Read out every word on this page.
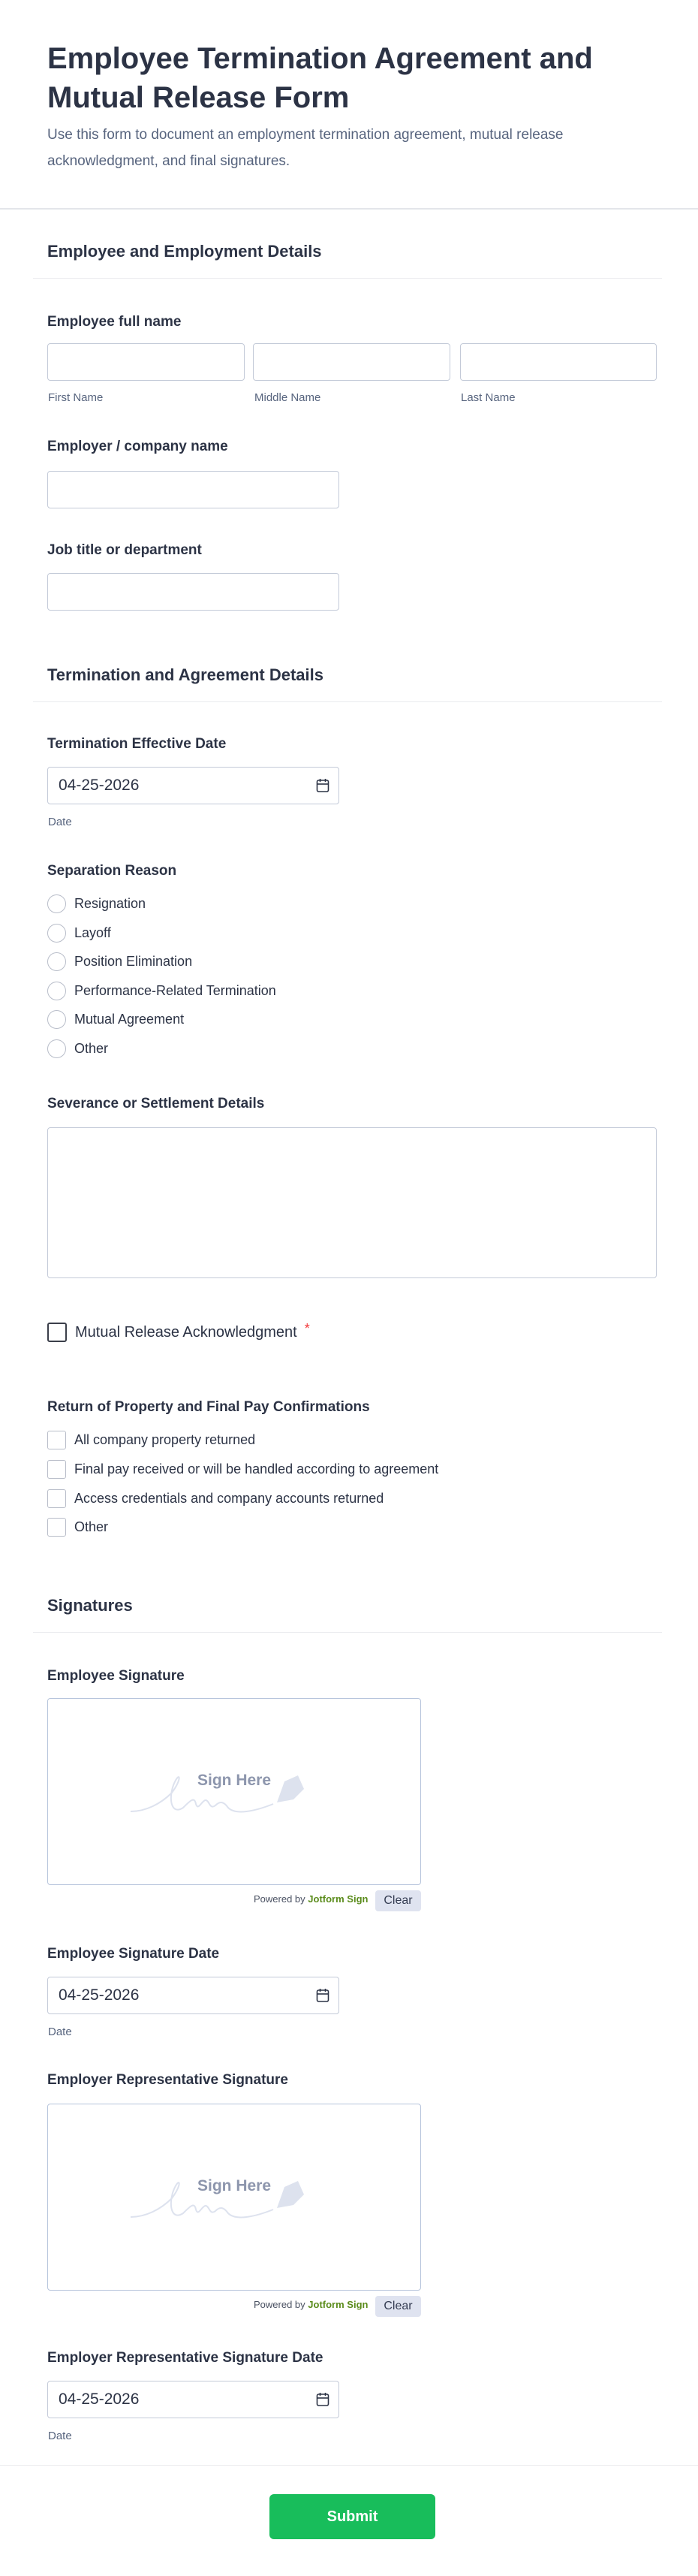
Employee Termination Agreement and Mutual Release Form
Use this form to document an employment termination agreement, mutual release acknowledgment, and final signatures.
Employee and Employment Details
Employee full name
First Name	Middle Name	Last Name
Employer / company name
Job title or department
Termination and Agreement Details
Termination Effective Date
04-25-2026
Date
Separation Reason
Resignation
Layoff
Position Elimination
Performance-Related Termination
Mutual Agreement
Other
Severance or Settlement Details
Mutual Release Acknowledgment *
Return of Property and Final Pay Confirmations
All company property returned
Final pay received or will be handled according to agreement
Access credentials and company accounts returned
Other
Signatures
Employee Signature
Sign Here
Powered by Jotform Sign	Clear
Employee Signature Date
04-25-2026
Date
Employer Representative Signature
Sign Here
Powered by Jotform Sign	Clear
Employer Representative Signature Date
04-25-2026
Date
Submit
